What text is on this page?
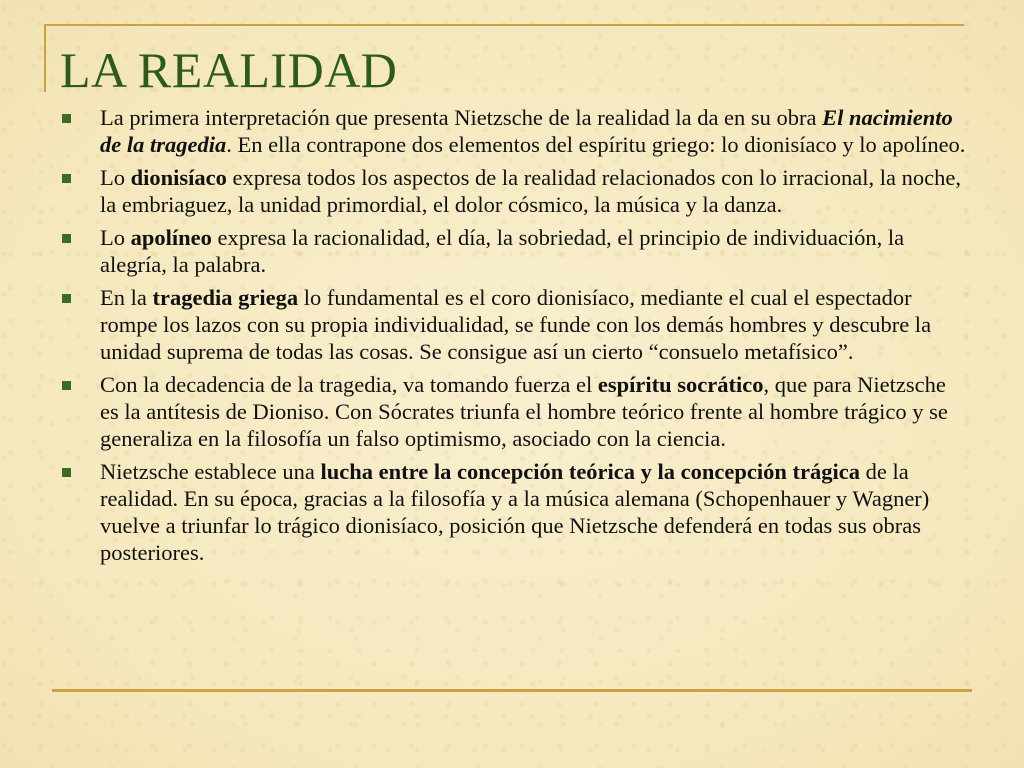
LA REALIDAD
La primera interpretación que presenta Nietzsche de la realidad la da en su obra El nacimiento de la tragedia. En ella contrapone dos elementos del espíritu griego: lo dionisíaco y lo apolíneo.
Lo dionisíaco expresa todos los aspectos de la realidad relacionados con lo irracional, la noche, la embriaguez, la unidad primordial, el dolor cósmico, la música y la danza.
Lo apolíneo expresa la racionalidad, el día, la sobriedad, el principio de individuación, la alegría, la palabra.
En la tragedia griega lo fundamental es el coro dionisíaco, mediante el cual el espectador rompe los lazos con su propia individualidad, se funde con los demás hombres y descubre la unidad suprema de todas las cosas. Se consigue así un cierto “consuelo metafísico”.
Con la decadencia de la tragedia, va tomando fuerza el espíritu socrático, que para Nietzsche es la antítesis de Dioniso. Con Sócrates triunfa el hombre teórico frente al hombre trágico y se generaliza en la filosofía un falso optimismo, asociado con la ciencia.
Nietzsche establece una lucha entre la concepción teórica y la concepción trágica de la realidad. En su época, gracias a la filosofía y a la música alemana (Schopenhauer y Wagner) vuelve a triunfar lo trágico dionisíaco, posición que Nietzsche defenderá en todas sus obras posteriores.
